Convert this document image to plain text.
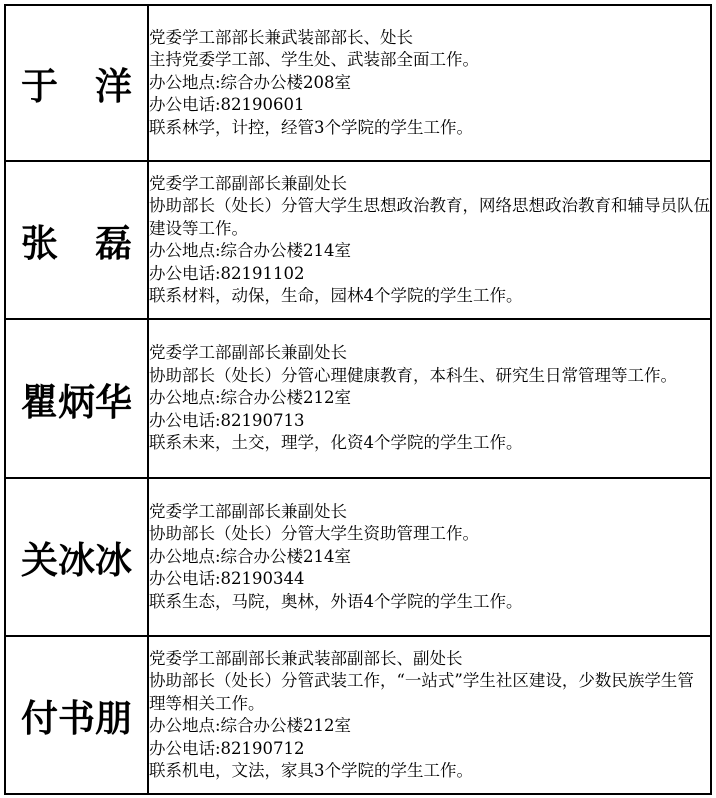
于　洋	党委学工部部长兼武装部部长、处长
主持党委学工部、学生处、武装部全面工作。
办公地点:综合办公楼208室
办公电话:82190601
联系林学，计控，经管3个学院的学生工作。

张　磊	党委学工部副部长兼副处长
协助部长（处长）分管大学生思想政治教育，网络思想政治教育和辅导员队伍建设等工作。
办公地点:综合办公楼214室
办公电话:82191102
联系材料，动保，生命，园林4个学院的学生工作。

瞿炳华	党委学工部副部长兼副处长
协助部长（处长）分管心理健康教育，本科生、研究生日常管理等工作。
办公地点:综合办公楼212室
办公电话:82190713
联系未来，土交，理学，化资4个学院的学生工作。

关冰冰	党委学工部副部长兼副处长
协助部长（处长）分管大学生资助管理工作。
办公地点:综合办公楼214室
办公电话:82190344
联系生态，马院，奥林，外语4个学院的学生工作。

付书朋	党委学工部副部长兼武装部副部长、副处长
协助部长（处长）分管武装工作，“一站式”学生社区建设，少数民族学生管理等相关工作。
办公地点:综合办公楼212室
办公电话:82190712
联系机电，文法，家具3个学院的学生工作。
